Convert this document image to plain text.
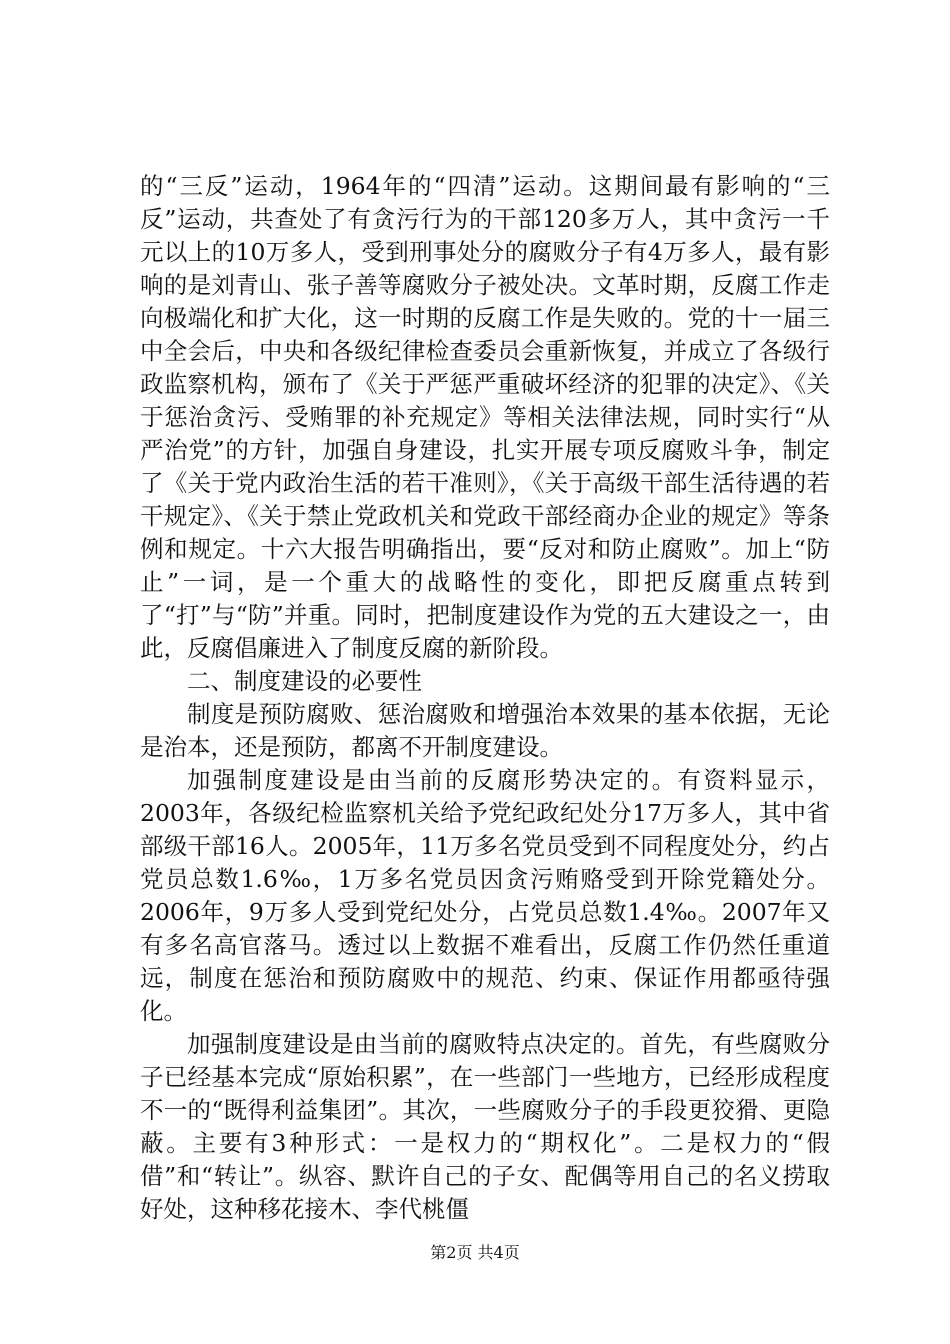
的“三反”运动，1964年的“四清”运动。这期间最有影响的“三反”运动，共查处了有贪污行为的干部120多万人，其中贪污一千元以上的10万多人，受到刑事处分的腐败分子有4万多人，最有影响的是刘青山、张子善等腐败分子被处决。文革时期，反腐工作走向极端化和扩大化，这一时期的反腐工作是失败的。党的十一届三中全会后，中央和各级纪律检查委员会重新恢复，并成立了各级行政监察机构，颁布了《关于严惩严重破坏经济的犯罪的决定》、《关于惩治贪污、受贿罪的补充规定》等相关法律法规，同时实行“从严治党”的方针，加强自身建设，扎实开展专项反腐败斗争，制定了《关于党内政治生活的若干准则》，《关于高级干部生活待遇的若干规定》、《关于禁止党政机关和党政干部经商办企业的规定》等条例和规定。十六大报告明确指出，要“反对和防止腐败”。加上“防止”一词，是一个重大的战略性的变化，即把反腐重点转到了“打”与“防”并重。同时，把制度建设作为党的五大建设之一，由此，反腐倡廉进入了制度反腐的新阶段。

二、制度建设的必要性

制度是预防腐败、惩治腐败和增强治本效果的基本依据，无论是治本，还是预防，都离不开制度建设。

加强制度建设是由当前的反腐形势决定的。有资料显示，2003年，各级纪检监察机关给予党纪政纪处分17万多人，其中省部级干部16人。2005年，11万多名党员受到不同程度处分，约占党员总数1.6‰，1万多名党员因贪污贿赂受到开除党籍处分。2006年，9万多人受到党纪处分，占党员总数1.4‰。2007年又有多名高官落马。透过以上数据不难看出，反腐工作仍然任重道远，制度在惩治和预防腐败中的规范、约束、保证作用都亟待强化。

加强制度建设是由当前的腐败特点决定的。首先，有些腐败分子已经基本完成“原始积累”，在一些部门一些地方，已经形成程度不一的“既得利益集团”。其次，一些腐败分子的手段更狡猾、更隐蔽。主要有3种形式：一是权力的“期权化”。二是权力的“假借”和“转让”。纵容、默许自己的子女、配偶等用自己的名义捞取好处，这种移花接木、李代桃僵

第2页 共4页
